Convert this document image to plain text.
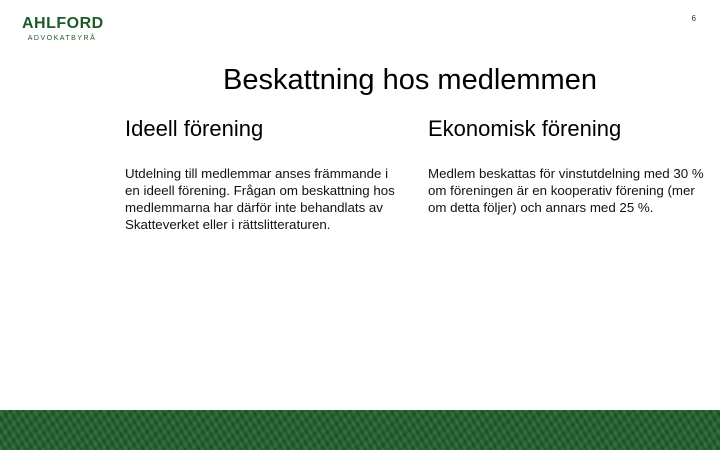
AHLFORD
ADVOKATBYRÅ
6
Beskattning hos medlemmen
Ideell förening
Utdelning till medlemmar anses främmande i en ideell förening. Frågan om beskattning hos medlemmarna har därför inte behandlats av Skatteverket eller i rättslitteraturen.
Ekonomisk förening
Medlem beskattas för vinstutdelning med 30 % om föreningen är en kooperativ förening (mer om detta följer) och annars med 25 %.
